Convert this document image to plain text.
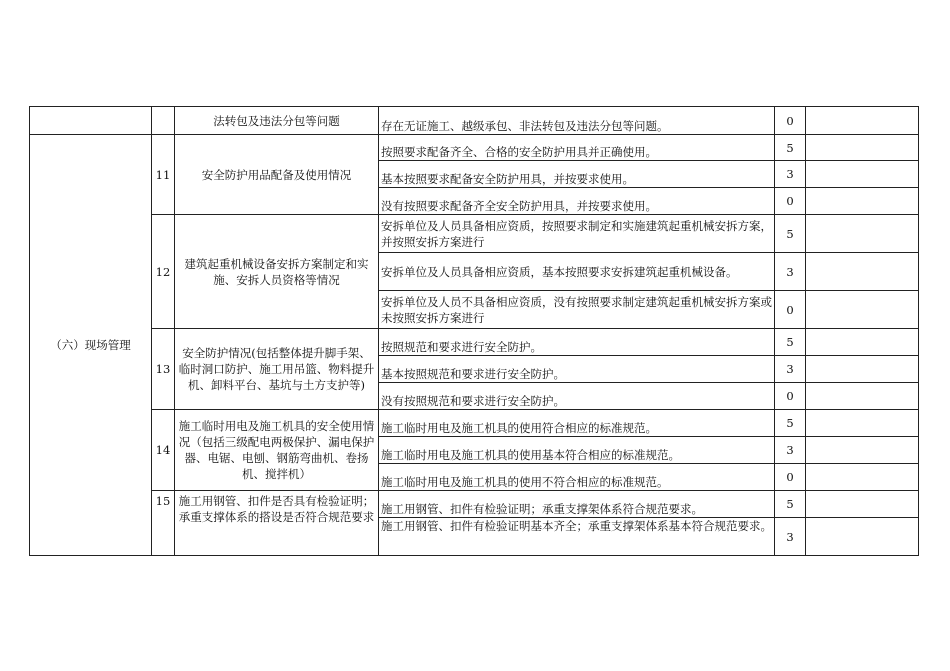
		法转包及违法分包等问题	存在无证施工、越级承包、非法转包及违法分包等问题。	0	
（六）现场管理	11	安全防护用品配备及使用情况	按照要求配备齐全、合格的安全防护用具并正确使用。	5	
			基本按照要求配备安全防护用具，并按要求使用。	3	
			没有按照要求配备齐全安全防护用具，并按要求使用。	0	
	12	建筑起重机械设备安拆方案制定和实施、安拆人员资格等情况	安拆单位及人员具备相应资质，按照要求制定和实施建筑起重机械安拆方案，并按照安拆方案进行	5	
			安拆单位及人员具备相应资质，基本按照要求安拆建筑起重机械设备。	3	
			安拆单位及人员不具备相应资质，没有按照要求制定建筑起重机械安拆方案或未按照安拆方案进行	0	
	13	安全防护情况(包括整体提升脚手架、临时洞口防护、施工用吊篮、物料提升机、卸料平台、基坑与土方支护等)	按照规范和要求进行安全防护。	5	
			基本按照规范和要求进行安全防护。	3	
			没有按照规范和要求进行安全防护。	0	
	14	施工临时用电及施工机具的安全使用情况（包括三级配电两极保护、漏电保护器、电锯、电刨、钢筋弯曲机、卷扬机、搅拌机）	施工临时用电及施工机具的使用符合相应的标准规范。	5	
			施工临时用电及施工机具的使用基本符合相应的标准规范。	3	
			施工临时用电及施工机具的使用不符合相应的标准规范。	0	
	15	施工用钢管、扣件是否具有检验证明；承重支撑体系的搭设是否符合规范要求	施工用钢管、扣件有检验证明；承重支撑架体系符合规范要求。	5	
			施工用钢管、扣件有检验证明基本齐全；承重支撑架体系基本符合规范要求。	3	
